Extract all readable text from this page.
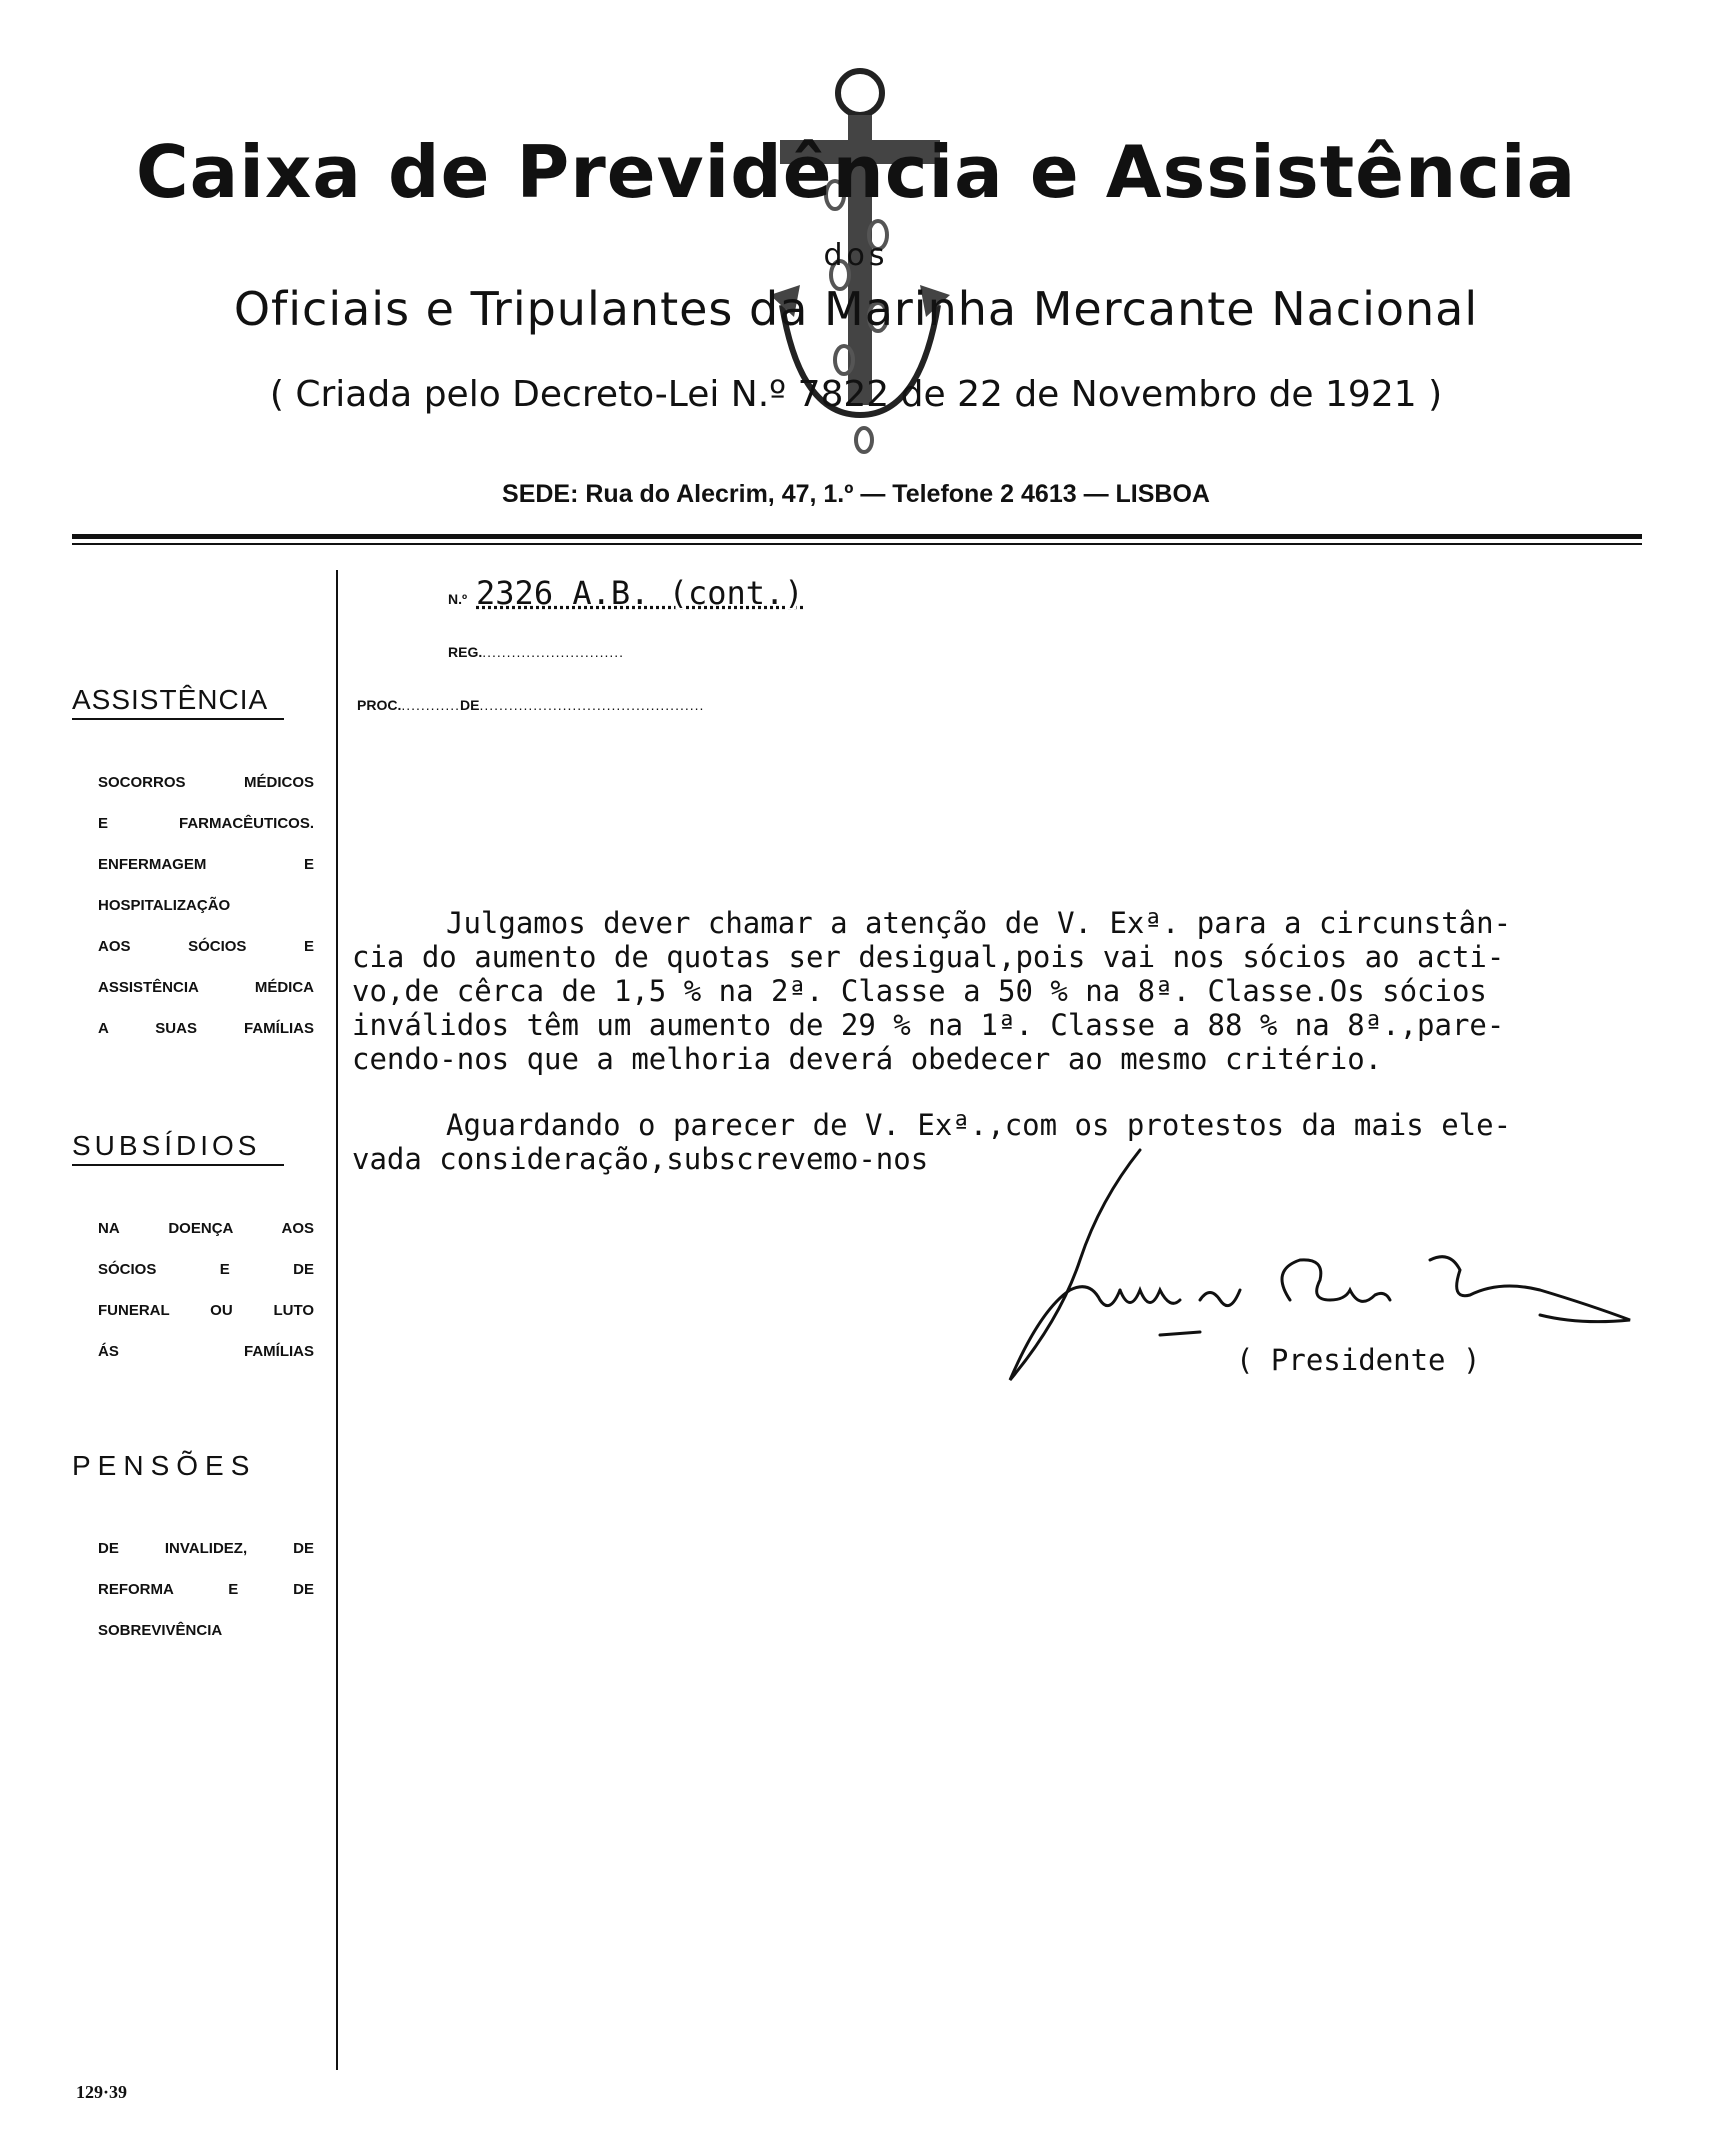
Caixa de Previdência e Assistência
dos
Oficiais e Tripulantes da Marinha Mercante Nacional
( Criada pelo Decreto-Lei N.º 7822 de 22 de Novembro de 1921 )
SEDE: Rua do Alecrim, 47, 1.º — Telefone 2 4613 — LISBOA
ASSISTÊNCIA
SOCORROS MÉDICOS
E FARMACÊUTICOS.
ENFERMAGEM E
HOSPITALIZAÇÃO
AOS SÓCIOS E
ASSISTÊNCIA MÉDICA
A SUAS FAMÍLIAS
SUBSÍDIOS
NA DOENÇA AOS
SÓCIOS E DE
FUNERAL OU LUTO
ÁS FAMÍLIAS
PENSÕES
DE INVALIDEZ, DE
REFORMA E DE
SOBREVIVÊNCIA
129·39
N.º 2326 A.B. (cont.)
REG..............................
PROC.............DE..............................................
Julgamos dever chamar a atenção de V. Exª. para a circunstân-
cia do aumento de quotas ser desigual,pois vai nos sócios ao acti-
vo,de cêrca de 1,5 % na 2ª. Classe a 50 % na 8ª. Classe.Os sócios
inválidos têm um aumento de 29 % na 1ª. Classe a 88 % na 8ª.,pare-
cendo-nos que a melhoria deverá obedecer ao mesmo critério.
Aguardando o parecer de V. Exª.,com os protestos da mais ele-
vada consideração,subscrevemo-nos
( Presidente )
